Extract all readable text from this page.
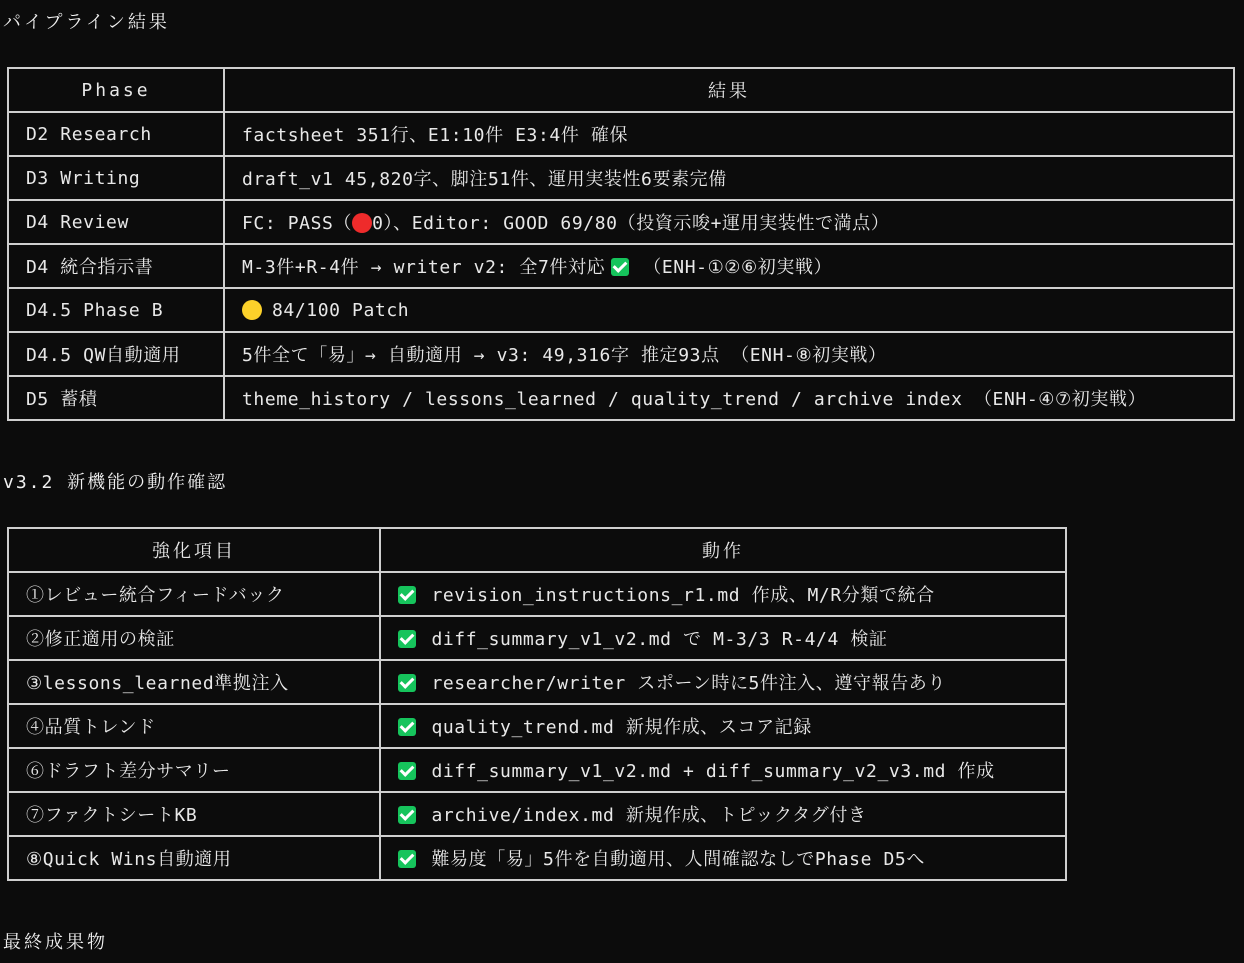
パイプライン結果
Phase	結果
D2 Research	factsheet 351行、E1:10件 E3:4件 確保
D3 Writing	draft_v1 45,820字、脚注51件、運用実装性6要素完備
D4 Review	FC: PASS（ 0）、Editor: GOOD 69/80（投資示唆+運用実装性で満点）
D4 統合指示書	M-3件+R-4件 → writer v2: 全7件対応 （ENH-①②⑥初実戦）
D4.5 Phase B	84/100 Patch
D4.5 QW自動適用	5件全て「易」→ 自動適用 → v3: 49,316字 推定93点 （ENH-⑧初実戦）
D5 蓄積	theme_history / lessons_learned / quality_trend / archive index （ENH-④⑦初実戦）
v3.2 新機能の動作確認
強化項目	動作
①レビュー統合フィードバック	revision_instructions_r1.md 作成、M/R分類で統合
②修正適用の検証	diff_summary_v1_v2.md で M-3/3 R-4/4 検証
③lessons_learned準拠注入	researcher/writer スポーン時に5件注入、遵守報告あり
④品質トレンド	quality_trend.md 新規作成、スコア記録
⑥ドラフト差分サマリー	diff_summary_v1_v2.md + diff_summary_v2_v3.md 作成
⑦ファクトシートKB	archive/index.md 新規作成、トピックタグ付き
⑧Quick Wins自動適用	難易度「易」5件を自動適用、人間確認なしでPhase D5へ
最終成果物
